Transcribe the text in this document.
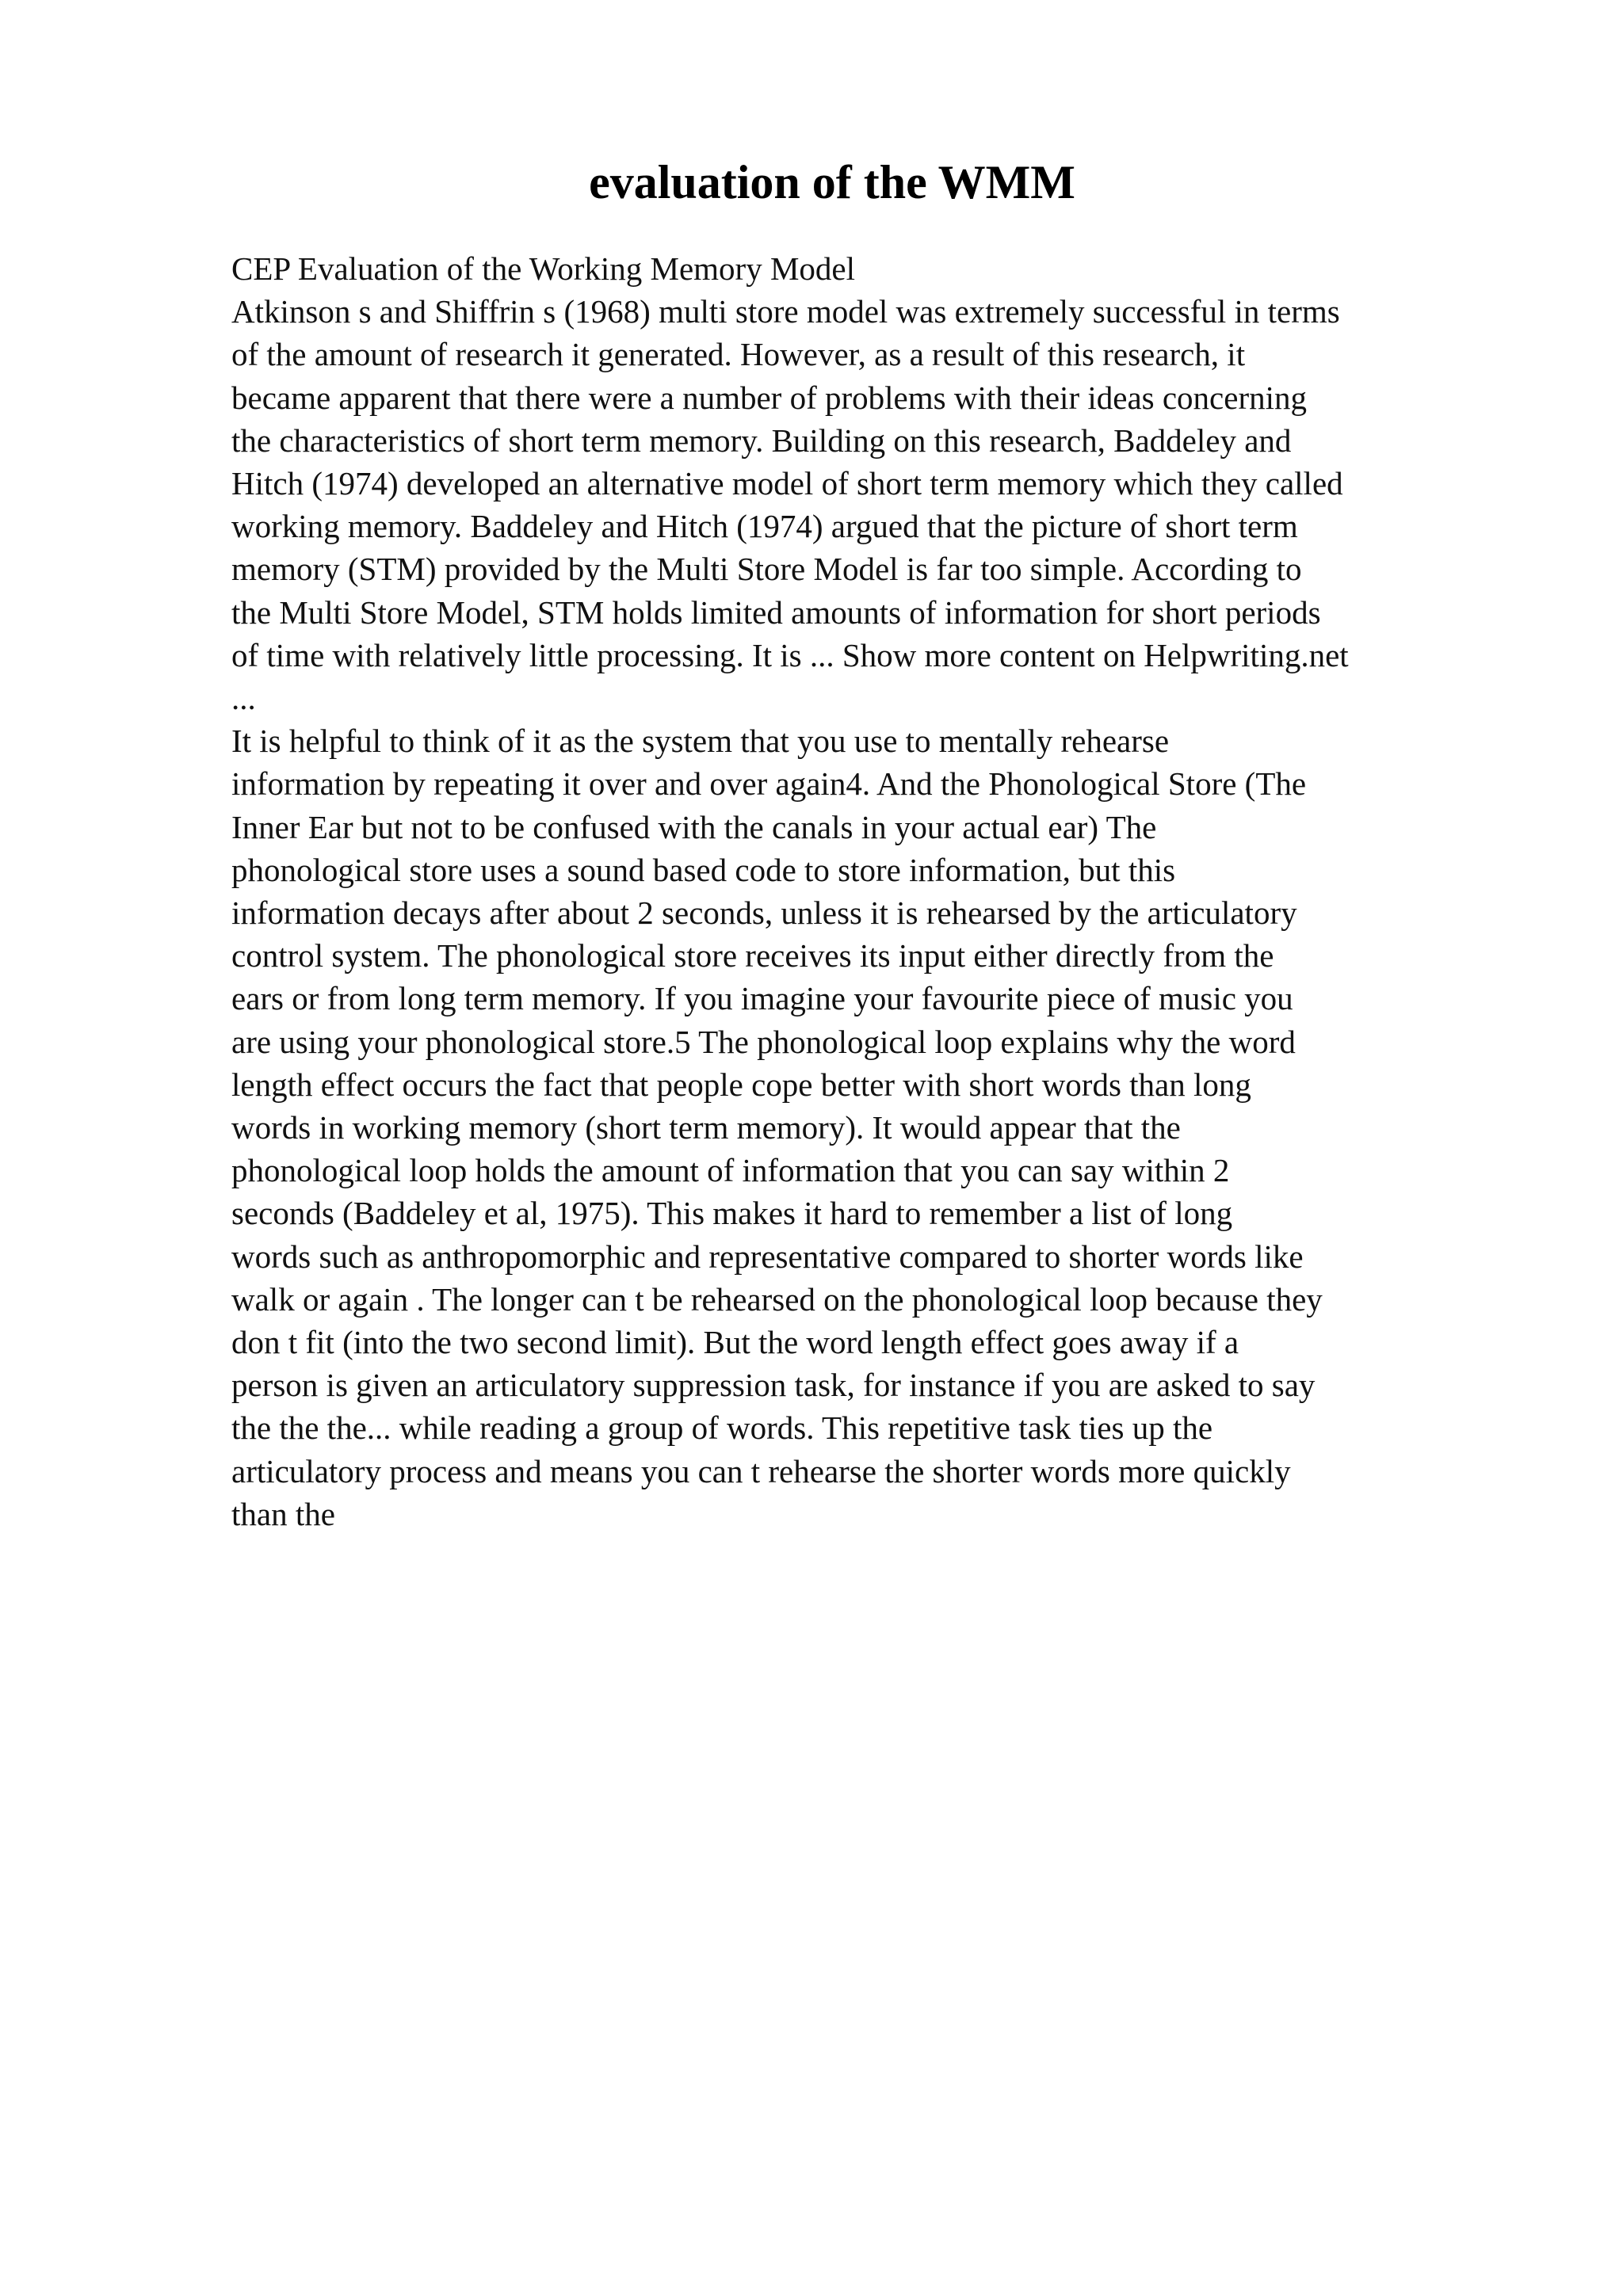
evaluation of the WMM
CEP Evaluation of the Working Memory Model
Atkinson s and Shiffrin s (1968) multi store model was extremely successful in terms
of the amount of research it generated. However, as a result of this research, it
became apparent that there were a number of problems with their ideas concerning
the characteristics of short term memory. Building on this research, Baddeley and
Hitch (1974) developed an alternative model of short term memory which they called
working memory. Baddeley and Hitch (1974) argued that the picture of short term
memory (STM) provided by the Multi Store Model is far too simple. According to
the Multi Store Model, STM holds limited amounts of information for short periods
of time with relatively little processing. It is ... Show more content on Helpwriting.net
...
It is helpful to think of it as the system that you use to mentally rehearse
information by repeating it over and over again4. And the Phonological Store (The
Inner Ear but not to be confused with the canals in your actual ear) The
phonological store uses a sound based code to store information, but this
information decays after about 2 seconds, unless it is rehearsed by the articulatory
control system. The phonological store receives its input either directly from the
ears or from long term memory. If you imagine your favourite piece of music you
are using your phonological store.5 The phonological loop explains why the word
length effect occurs the fact that people cope better with short words than long
words in working memory (short term memory). It would appear that the
phonological loop holds the amount of information that you can say within 2
seconds (Baddeley et al, 1975). This makes it hard to remember a list of long
words such as anthropomorphic and representative compared to shorter words like
walk or again . The longer can t be rehearsed on the phonological loop because they
don t fit (into the two second limit). But the word length effect goes away if a
person is given an articulatory suppression task, for instance if you are asked to say
the the the... while reading a group of words. This repetitive task ties up the
articulatory process and means you can t rehearse the shorter words more quickly
than the
